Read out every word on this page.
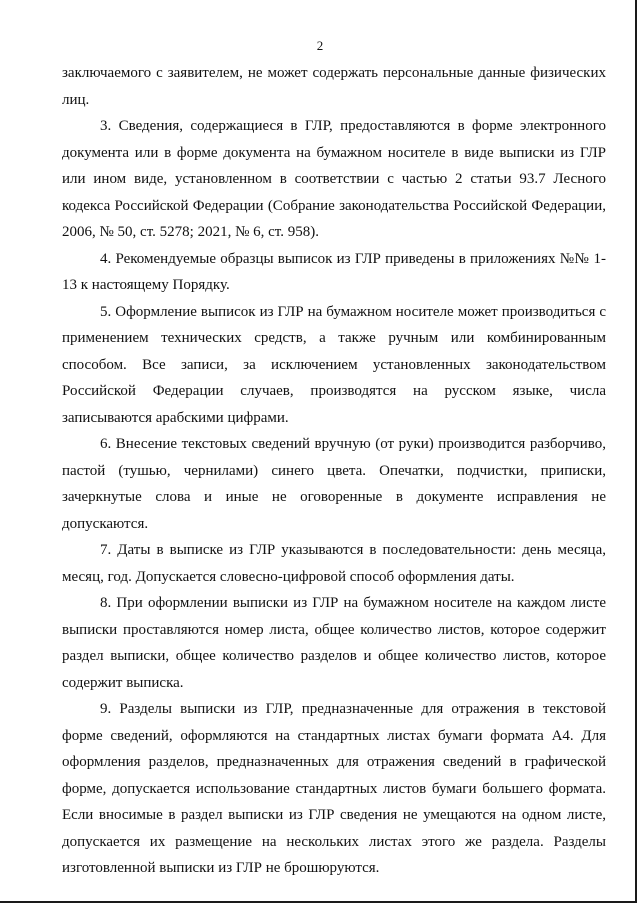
2

заключаемого с заявителем, не может содержать персональные данные физических лиц.

3. Сведения, содержащиеся в ГЛР, предоставляются в форме электронного документа или в форме документа на бумажном носителе в виде выписки из ГЛР или ином виде, установленном в соответствии с частью 2 статьи 93.7 Лесного кодекса Российской Федерации (Собрание законодательства Российской Федерации, 2006, № 50, ст. 5278; 2021, № 6, ст. 958).

4. Рекомендуемые образцы выписок из ГЛР приведены в приложениях №№ 1-13 к настоящему Порядку.

5. Оформление выписок из ГЛР на бумажном носителе может производиться с применением технических средств, а также ручным или комбинированным способом. Все записи, за исключением установленных законодательством Российской Федерации случаев, производятся на русском языке, числа записываются арабскими цифрами.

6. Внесение текстовых сведений вручную (от руки) производится разборчиво, пастой (тушью, чернилами) синего цвета. Опечатки, подчистки, приписки, зачеркнутые слова и иные не оговоренные в документе исправления не допускаются.

7. Даты в выписке из ГЛР указываются в последовательности: день месяца, месяц, год. Допускается словесно-цифровой способ оформления даты.

8. При оформлении выписки из ГЛР на бумажном носителе на каждом листе выписки проставляются номер листа, общее количество листов, которое содержит раздел выписки, общее количество разделов и общее количество листов, которое содержит выписка.

9. Разделы выписки из ГЛР, предназначенные для отражения в текстовой форме сведений, оформляются на стандартных листах бумаги формата А4. Для оформления разделов, предназначенных для отражения сведений в графической форме, допускается использование стандартных листов бумаги большего формата. Если вносимые в раздел выписки из ГЛР сведения не умещаются на одном листе, допускается их размещение на нескольких листах этого же раздела. Разделы изготовленной выписки из ГЛР не брошюруются.
